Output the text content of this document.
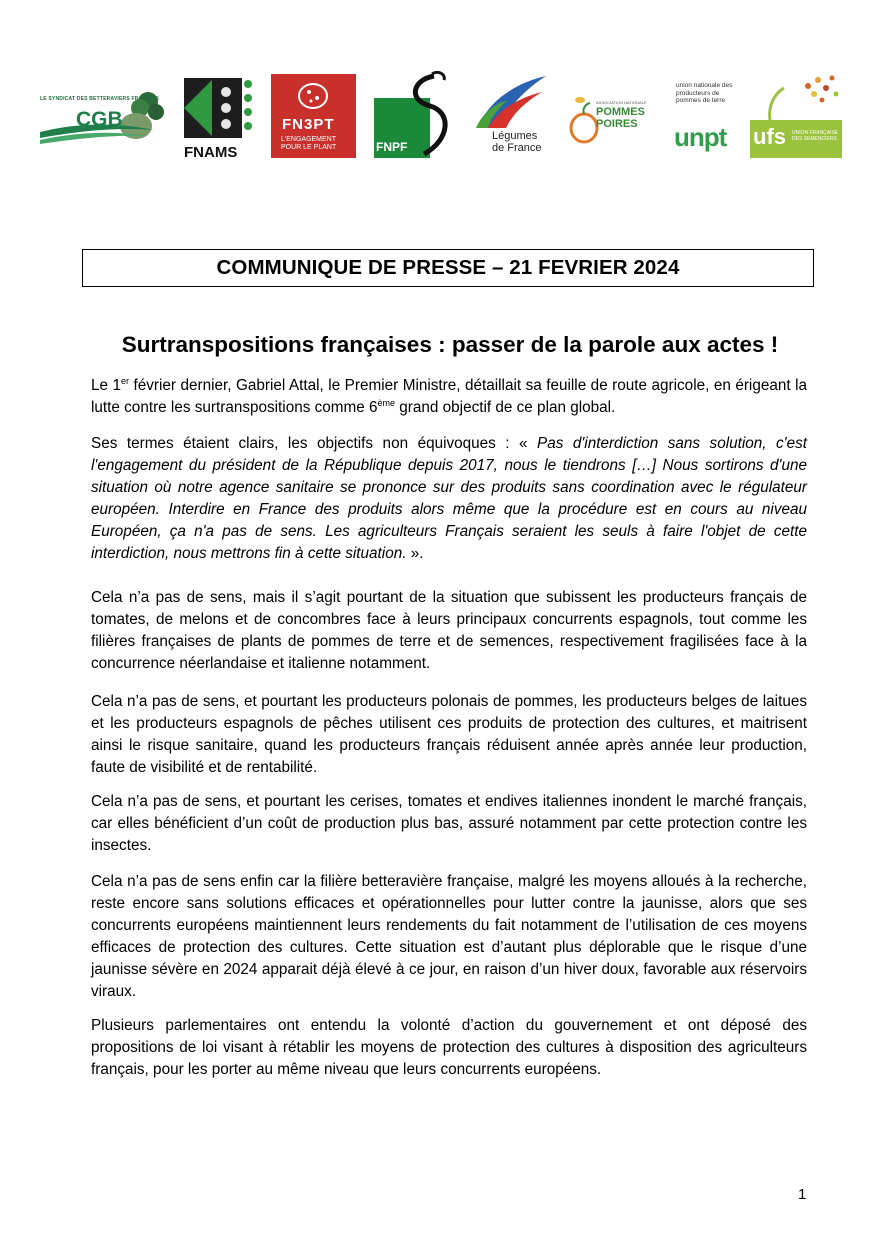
LE SYNDICAT DES BETTERAVIERS FRANÇAIS
CGB
FNAMS
FN3PT
L'ENGAGEMENT POUR LE PLANT	FNPF
Légumes de France
ASSOCIATION NATIONALE
POMMES POIRES
union nationale des producteurs de pommes de terre
unpt ufs UNION FRANÇAISE DES SEMENCIERS
COMMUNIQUE DE PRESSE – 21 FEVRIER 2024
Surtranspositions françaises : passer de la parole aux actes !
Le 1er février dernier, Gabriel Attal, le Premier Ministre, détaillait sa feuille de route agricole, en érigeant la lutte contre les surtranspositions comme 6ème grand objectif de ce plan global.
Ses termes étaient clairs, les objectifs non équivoques : « Pas d'interdiction sans solution, c'est l'engagement du président de la République depuis 2017, nous le tiendrons […] Nous sortirons d'une situation où notre agence sanitaire se prononce sur des produits sans coordination avec le régulateur européen. Interdire en France des produits alors même que la procédure est en cours au niveau Européen, ça n'a pas de sens. Les agriculteurs Français seraient les seuls à faire l'objet de cette interdiction, nous mettrons fin à cette situation. ».
Cela n’a pas de sens, mais il s’agit pourtant de la situation que subissent les producteurs français de tomates, de melons et de concombres face à leurs principaux concurrents espagnols, tout comme les filières françaises de plants de pommes de terre et de semences, respectivement fragilisées face à la concurrence néerlandaise et italienne notamment.
Cela n’a pas de sens, et pourtant les producteurs polonais de pommes, les producteurs belges de laitues et les producteurs espagnols de pêches utilisent ces produits de protection des cultures, et maitrisent ainsi le risque sanitaire, quand les producteurs français réduisent année après année leur production, faute de visibilité et de rentabilité.
Cela n’a pas de sens, et pourtant les cerises, tomates et endives italiennes inondent le marché français, car elles bénéficient d’un coût de production plus bas, assuré notamment par cette protection contre les insectes.
Cela n’a pas de sens enfin car la filière betteravière française, malgré les moyens alloués à la recherche, reste encore sans solutions efficaces et opérationnelles pour lutter contre la jaunisse, alors que ses concurrents européens maintiennent leurs rendements du fait notamment de l’utilisation de ces moyens efficaces de protection des cultures. Cette situation est d’autant plus déplorable que le risque d’une jaunisse sévère en 2024 apparait déjà élevé à ce jour, en raison d’un hiver doux, favorable aux réservoirs viraux.
Plusieurs parlementaires ont entendu la volonté d’action du gouvernement et ont déposé des propositions de loi visant à rétablir les moyens de protection des cultures à disposition des agriculteurs français, pour les porter au même niveau que leurs concurrents européens.
1
